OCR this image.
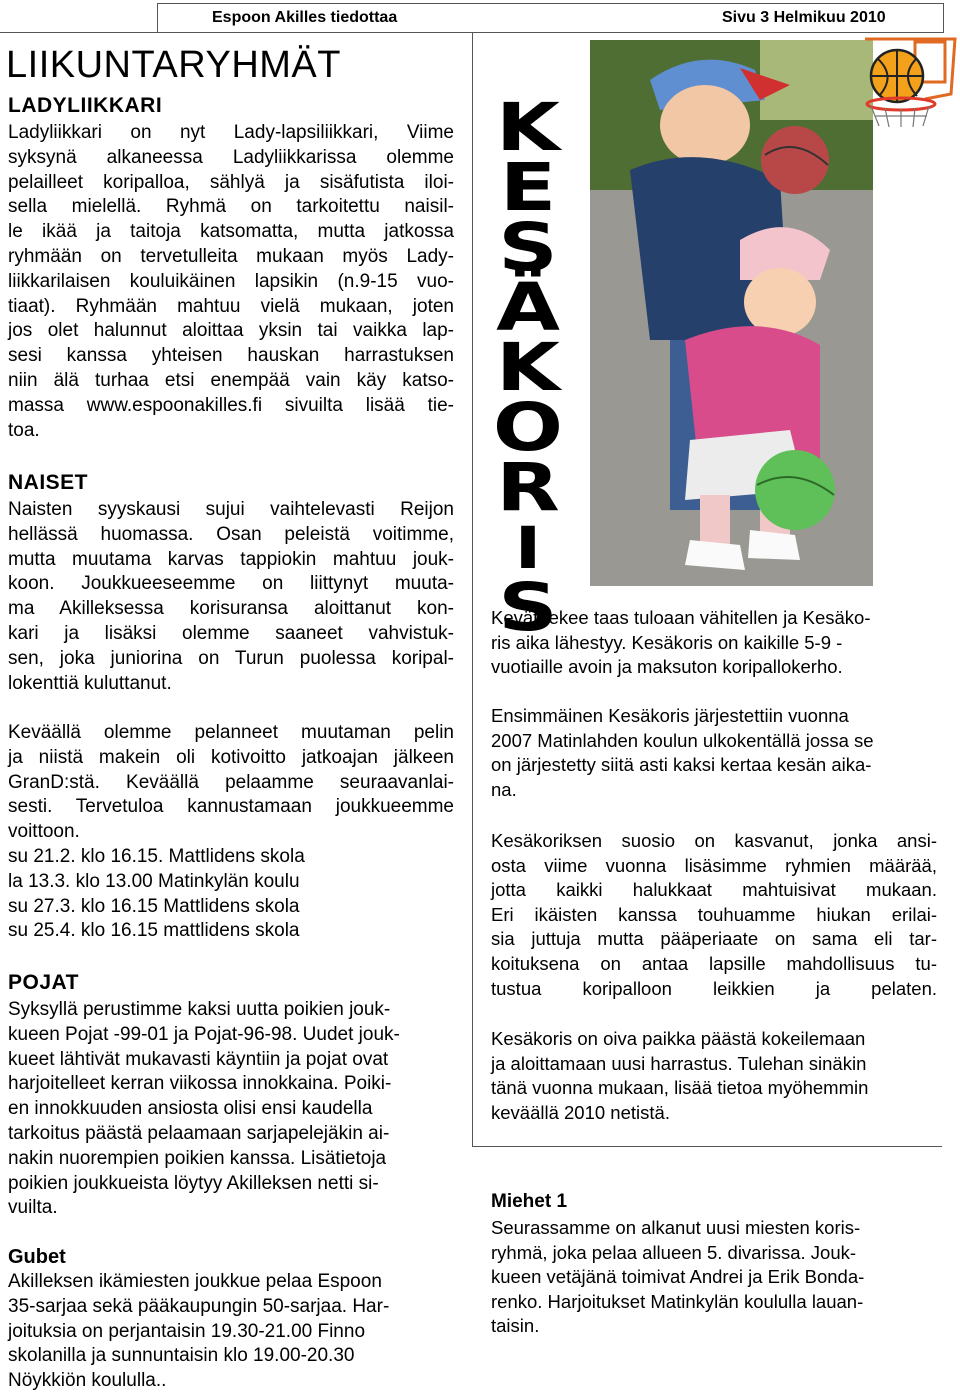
Espoon Akilles tiedottaa	Sivu 3 Helmikuu 2010
LIIKUNTARYHMÄT
LADYLIIKKARI
Ladyliikkari on nyt Lady-lapsiliikkari, Viime
syksynä alkaneessa Ladyliikkarissa olemme
pelailleet koripalloa, sählyä ja sisäfutista iloi-
sella mielellä. Ryhmä on tarkoitettu naisil-
le ikää ja taitoja katsomatta, mutta jatkossa
ryhmään on tervetulleita mukaan myös Lady-
liikkarilaisen kouluikäinen lapsikin (n.9-15 vuo-
tiaat). Ryhmään mahtuu vielä mukaan, joten
jos olet halunnut aloittaa yksin tai vaikka lap-
sesi kanssa yhteisen hauskan harrastuksen
niin älä turhaa etsi enempää vain käy katso-
massa www.espoonakilles.fi sivuilta lisää tie-
toa.
NAISET
Naisten syyskausi sujui vaihtelevasti Reijon
hellässä huomassa. Osan peleistä voitimme,
mutta muutama karvas tappiokin mahtuu jouk-
koon. Joukkueeseemme on liittynyt muuta-
ma Akilleksessa korisuransa aloittanut kon-
kari ja lisäksi olemme saaneet vahvistuk-
sen, joka juniorina on Turun puolessa koripal-
lokenttiä kuluttanut.
Keväällä olemme pelanneet muutaman pelin
ja niistä makein oli kotivoitto jatkoajan jälkeen
GranD:stä. Keväällä pelaamme seuraavanlai-
sesti. Tervetuloa kannustamaan joukkueemme
voittoon.
su 21.2. klo 16.15. Mattlidens skola
la 13.3. klo 13.00 Matinkylän koulu
su 27.3. klo 16.15 Mattlidens skola
su 25.4. klo 16.15 mattlidens skola
POJAT
Syksyllä perustimme kaksi uutta poikien jouk-
kueen Pojat -99-01 ja Pojat-96-98. Uudet jouk-
kueet lähtivät mukavasti käyntiin ja pojat ovat
harjoitelleet kerran viikossa innokkaina. Poiki-
en innokkuuden ansiosta olisi ensi kaudella
tarkoitus päästä pelaamaan sarjapelejäkin ai-
nakin nuorempien poikien kanssa. Lisätietoja
poikien joukkueista löytyy Akilleksen netti si-
vuilta.
Gubet
Akilleksen ikämiesten joukkue pelaa Espoon
35-sarjaa sekä pääkaupungin 50-sarjaa. Har-
joituksia on perjantaisin 19.30-21.00 Finno
skolanilla ja sunnuntaisin klo 19.00-20.30
Nöykkiön koululla..
K
E
S
Ä
K
O
R
I
S
Kevät tekee taas tuloaan vähitellen ja Kesäko-
ris aika lähestyy. Kesäkoris on kaikille 5-9 -
vuotiaille avoin ja maksuton koripallokerho.
Ensimmäinen Kesäkoris järjestettiin vuonna
2007 Matinlahden koulun ulkokentällä jossa se
on järjestetty siitä asti kaksi kertaa kesän aika-
na.
Kesäkoriksen suosio on kasvanut, jonka ansi-
osta viime vuonna lisäsimme ryhmien määrää,
jotta kaikki halukkaat mahtuisivat mukaan.
Eri ikäisten kanssa touhuamme hiukan erilai-
sia juttuja mutta pääperiaate on sama eli tar-
koituksena on antaa lapsille mahdollisuus tu-
tustua koripalloon leikkien ja pelaten.
Kesäkoris on oiva paikka päästä kokeilemaan
ja aloittamaan uusi harrastus. Tulehan sinäkin
tänä vuonna mukaan, lisää tietoa myöhemmin
keväällä 2010 netistä.
Miehet 1
Seurassamme on alkanut uusi miesten koris-
ryhmä, joka pelaa allueen 5. divarissa. Jouk-
kueen vetäjänä toimivat Andrei ja Erik Bonda-
renko. Harjoitukset Matinkylän koululla lauan-
taisin.
